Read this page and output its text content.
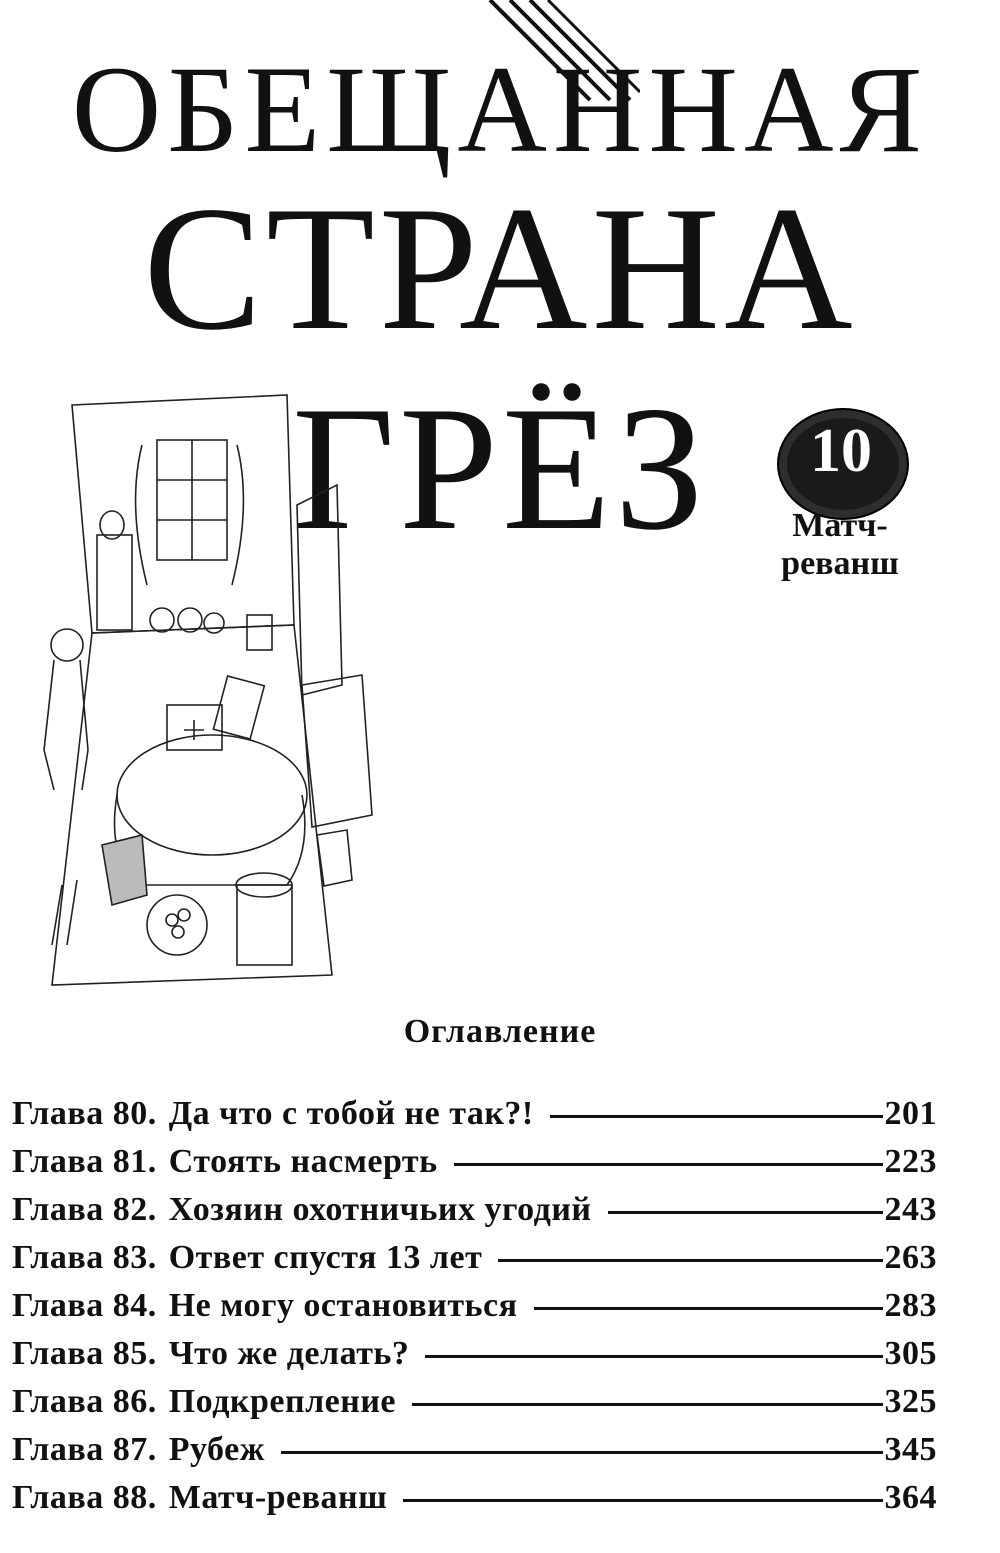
ОБЕЩАННАЯ
СТРАНА ГРЁЗ	10
Матч-
реванш
Оглавление
Глава 80. Да что с тобой не так?!	201
Глава 81. Стоять насмерть	223
Глава 82. Хозяин охотничьих угодий	243
Глава 83. Ответ спустя 13 лет	263
Глава 84. Не могу остановиться	283
Глава 85. Что же делать?	305
Глава 86. Подкрепление	325
Глава 87. Рубеж	345
Глава 88. Матч-реванш	364
